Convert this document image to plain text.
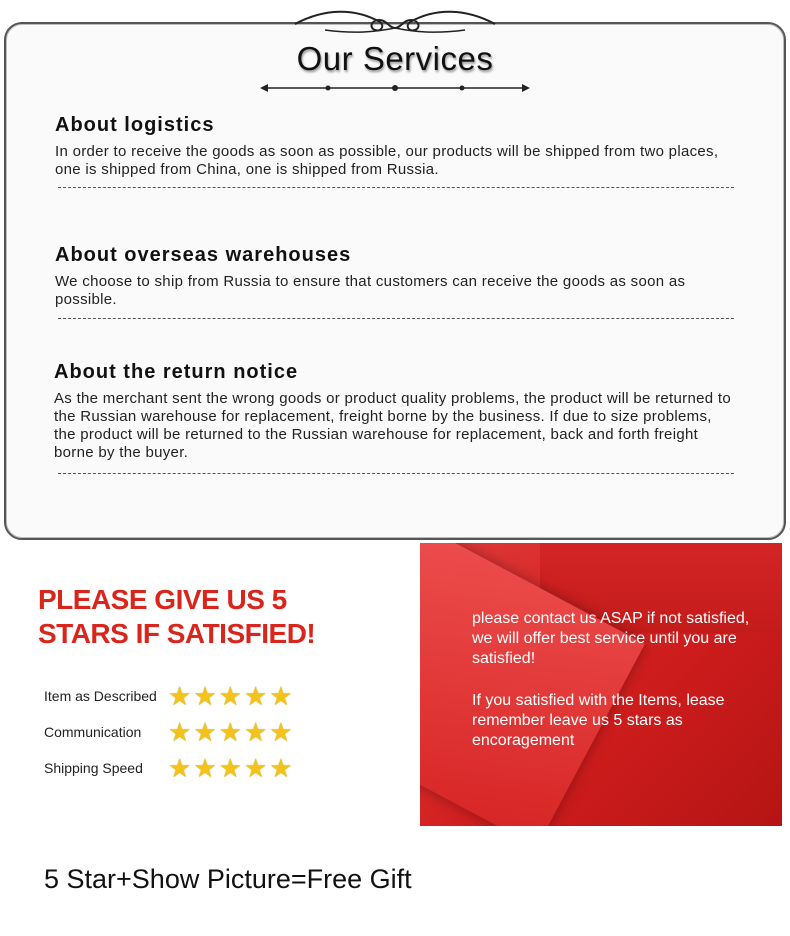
Our Services
About logistics

In order to receive the goods as soon as possible, our products will be shipped from two places, one is shipped from China, one is shipped from Russia.

About overseas warehouses

We choose to ship from Russia to ensure that customers can receive the goods as soon as possible.

About the return notice

As the merchant sent the wrong goods or product quality problems, the product will be returned to the Russian warehouse for replacement, freight borne by the business. If due to size problems, the product will be returned to the Russian warehouse for replacement, back and forth freight borne by the buyer.

PLEASE GIVE US 5
STARS IF SATISFIED!
Item as Described ★ ★ ★ ★ ★
Communication	★ ★ ★ ★ ★
Shipping Speed ★ ★ ★ ★ ★
please contact us ASAP if not satisfied, we will offer best service until you are satisfied!
If you satisfied with the Items, lease remember leave us 5 stars as encoragement
5 Star+Show Picture=Free Gift
